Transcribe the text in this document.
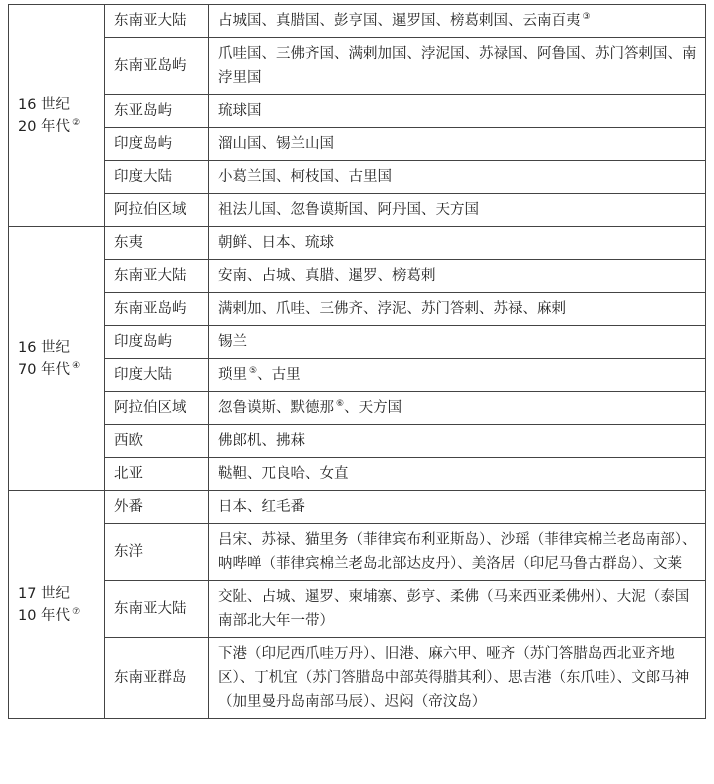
16 世纪
20 年代 ②	东南亚大陆	占城国、真腊国、彭亨国、暹罗国、榜葛剌国、云南百夷 ③
	东南亚岛屿	爪哇国、三佛齐国、满剌加国、浡泥国、苏禄国、阿鲁国、苏门答剌国、南浡里国
	东亚岛屿	琉球国
	印度岛屿	溜山国、锡兰山国
	印度大陆	小葛兰国、柯枝国、古里国
	阿拉伯区域	祖法儿国、忽鲁谟斯国、阿丹国、天方国

16 世纪
70 年代 ④	东夷	朝鲜、日本、琉球
	东南亚大陆	安南、占城、真腊、暹罗、榜葛剌
	东南亚岛屿	满剌加、爪哇、三佛齐、浡泥、苏门答剌、苏禄、麻剌
	印度岛屿	锡兰
	印度大陆	琐里 ⑤、古里
	阿拉伯区域	忽鲁谟斯、默德那 ⑥、天方国
	西欧	佛郎机、拂菻
	北亚	鞑靼、兀良哈、女直

17 世纪
10 年代 ⑦	外番	日本、红毛番
	东洋	吕宋、苏禄、猫里务（菲律宾布利亚斯岛）、沙瑶（菲律宾棉兰老岛南部）、呐哔啴（菲律宾棉兰老岛北部达皮丹）、美洛居（印尼马鲁古群岛）、文莱
	东南亚大陆	交阯、占城、暹罗、柬埔寨、彭亨、柔佛（马来西亚柔佛州）、大泥（泰国南部北大年一带）
	东南亚群岛	下港（印尼西爪哇万丹）、旧港、麻六甲、哑齐（苏门答腊岛西北亚齐地区）、丁机宜（苏门答腊岛中部英得腊其利）、思吉港（东爪哇）、文郎马神（加里曼丹岛南部马辰）、迟闷（帝汶岛）
